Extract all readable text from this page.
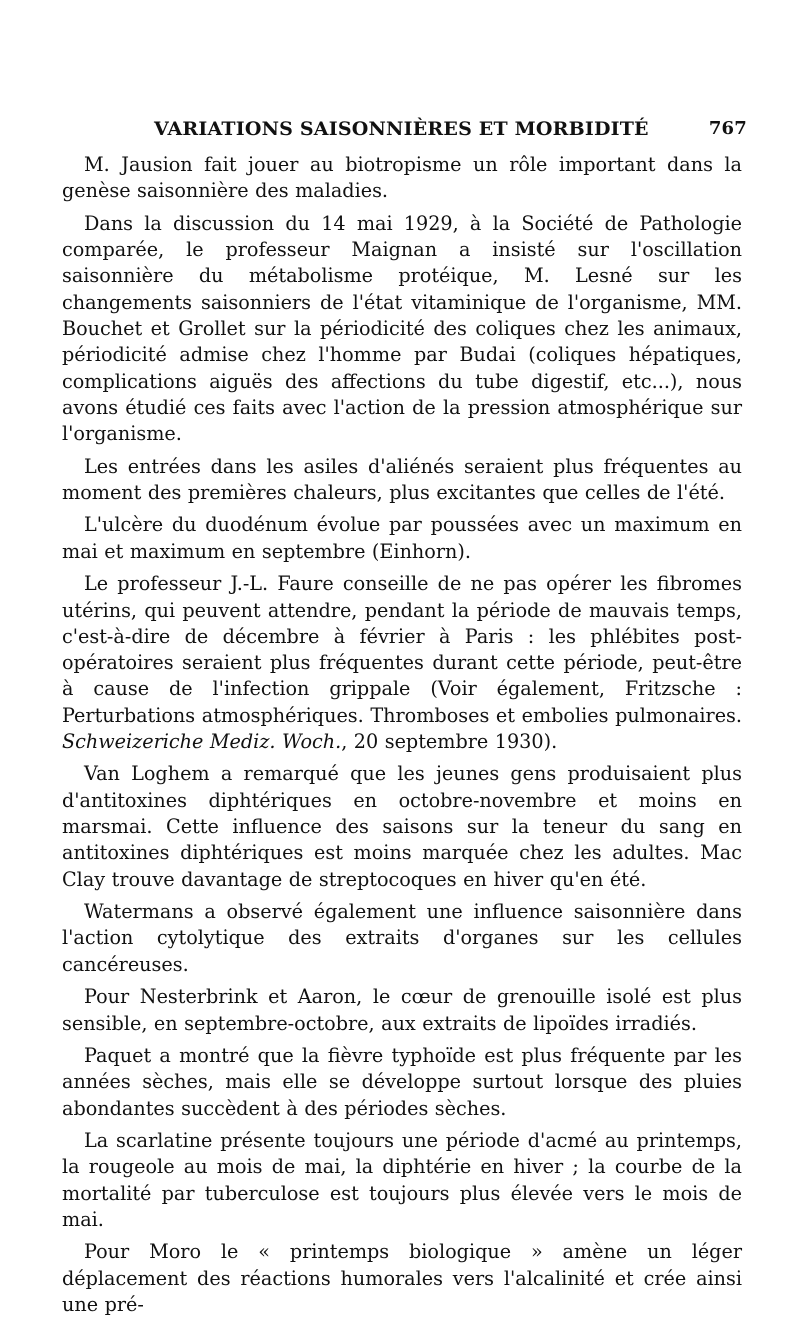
VARIATIONS SAISONNIÈRES ET MORBIDITÉ	767

M. Jausion fait jouer au biotropisme un rôle important dans la genèse saisonnière des maladies.

Dans la discussion du 14 mai 1929, à la Société de Pathologie comparée, le professeur Maignan a insisté sur l'oscillation saisonnière du métabolisme protéique, M. Lesné sur les changements saisonniers de l'état vitaminique de l'organisme, MM. Bouchet et Grollet sur la périodicité des coliques chez les animaux, périodicité admise chez l'homme par Budai (coliques hépatiques, complications aiguës des affections du tube digestif, etc...), nous avons étudié ces faits avec l'action de la pression atmosphérique sur l'organisme.

Les entrées dans les asiles d'aliénés seraient plus fréquentes au moment des premières chaleurs, plus excitantes que celles de l'été.

L'ulcère du duodénum évolue par poussées avec un maximum en mai et maximum en septembre (Einhorn).

Le professeur J.-L. Faure conseille de ne pas opérer les fibromes utérins, qui peuvent attendre, pendant la période de mauvais temps, c'est-à-dire de décembre à février à Paris : les phlébites post-opératoires seraient plus fréquentes durant cette période, peut-être à cause de l'infection grippale (Voir également, Fritzsche : Perturbations atmosphériques. Thromboses et embolies pulmonaires. Schweizeriche Mediz. Woch., 20 septembre 1930).

Van Loghem a remarqué que les jeunes gens produisaient plus d'antitoxines diphtériques en octobre-novembre et moins en marsmai. Cette influence des saisons sur la teneur du sang en antitoxines diphtériques est moins marquée chez les adultes. Mac Clay trouve davantage de streptocoques en hiver qu'en été.

Watermans a observé également une influence saisonnière dans l'action cytolytique des extraits d'organes sur les cellules cancéreuses.

Pour Nesterbrink et Aaron, le cœur de grenouille isolé est plus sensible, en septembre-octobre, aux extraits de lipoïdes irradiés.

Paquet a montré que la fièvre typhoïde est plus fréquente par les années sèches, mais elle se développe surtout lorsque des pluies abondantes succèdent à des périodes sèches.

La scarlatine présente toujours une période d'acmé au printemps, la rougeole au mois de mai, la diphtérie en hiver ; la courbe de la mortalité par tuberculose est toujours plus élevée vers le mois de mai.

Pour Moro le « printemps biologique » amène un léger déplacement des réactions humorales vers l'alcalinité et crée ainsi une pré-
